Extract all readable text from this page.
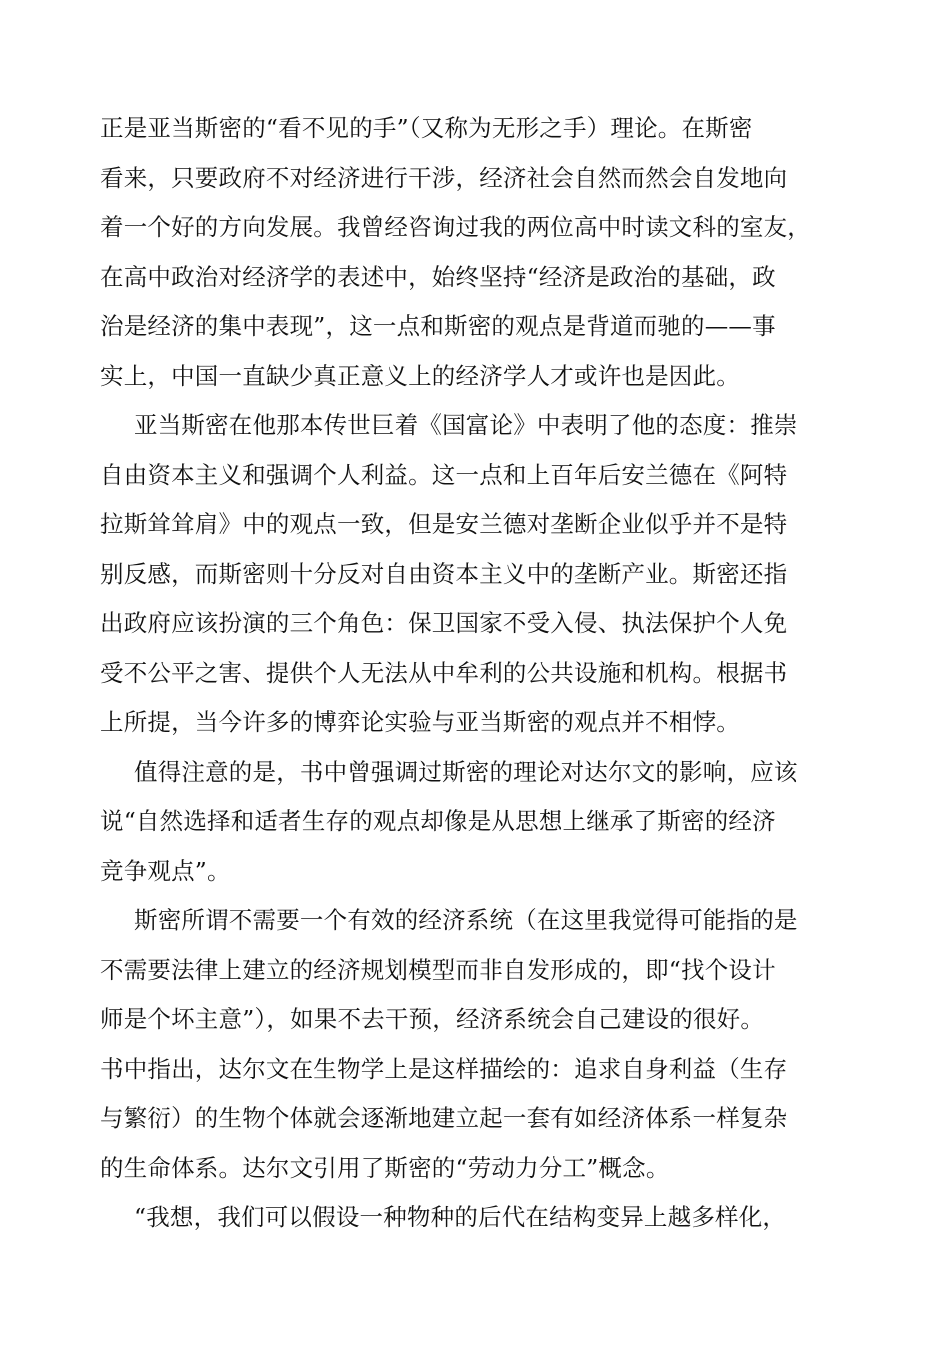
正是亚当斯密的“看不见的手”（又称为无形之手）理论。在斯密
看来，只要政府不对经济进行干涉，经济社会自然而然会自发地向
着一个好的方向发展。我曾经咨询过我的两位高中时读文科的室友，
在高中政治对经济学的表述中，始终坚持“经济是政治的基础，政
治是经济的集中表现”，这一点和斯密的观点是背道而驰的——事
实上，中国一直缺少真正意义上的经济学人才或许也是因此。
亚当斯密在他那本传世巨着《国富论》中表明了他的态度：推崇
自由资本主义和强调个人利益。这一点和上百年后安兰德在《阿特
拉斯耸耸肩》中的观点一致，但是安兰德对垄断企业似乎并不是特
别反感，而斯密则十分反对自由资本主义中的垄断产业。斯密还指
出政府应该扮演的三个角色：保卫国家不受入侵、执法保护个人免
受不公平之害、提供个人无法从中牟利的公共设施和机构。根据书
上所提，当今许多的博弈论实验与亚当斯密的观点并不相悖。
值得注意的是，书中曾强调过斯密的理论对达尔文的影响，应该
说“自然选择和适者生存的观点却像是从思想上继承了斯密的经济
竞争观点”。
斯密所谓不需要一个有效的经济系统（在这里我觉得可能指的是
不需要法律上建立的经济规划模型而非自发形成的，即“找个设计
师是个坏主意”），如果不去干预，经济系统会自己建设的很好。
书中指出，达尔文在生物学上是这样描绘的：追求自身利益（生存
与繁衍）的生物个体就会逐渐地建立起一套有如经济体系一样复杂
的生命体系。达尔文引用了斯密的“劳动力分工”概念。
“我想，我们可以假设一种物种的后代在结构变异上越多样化，
